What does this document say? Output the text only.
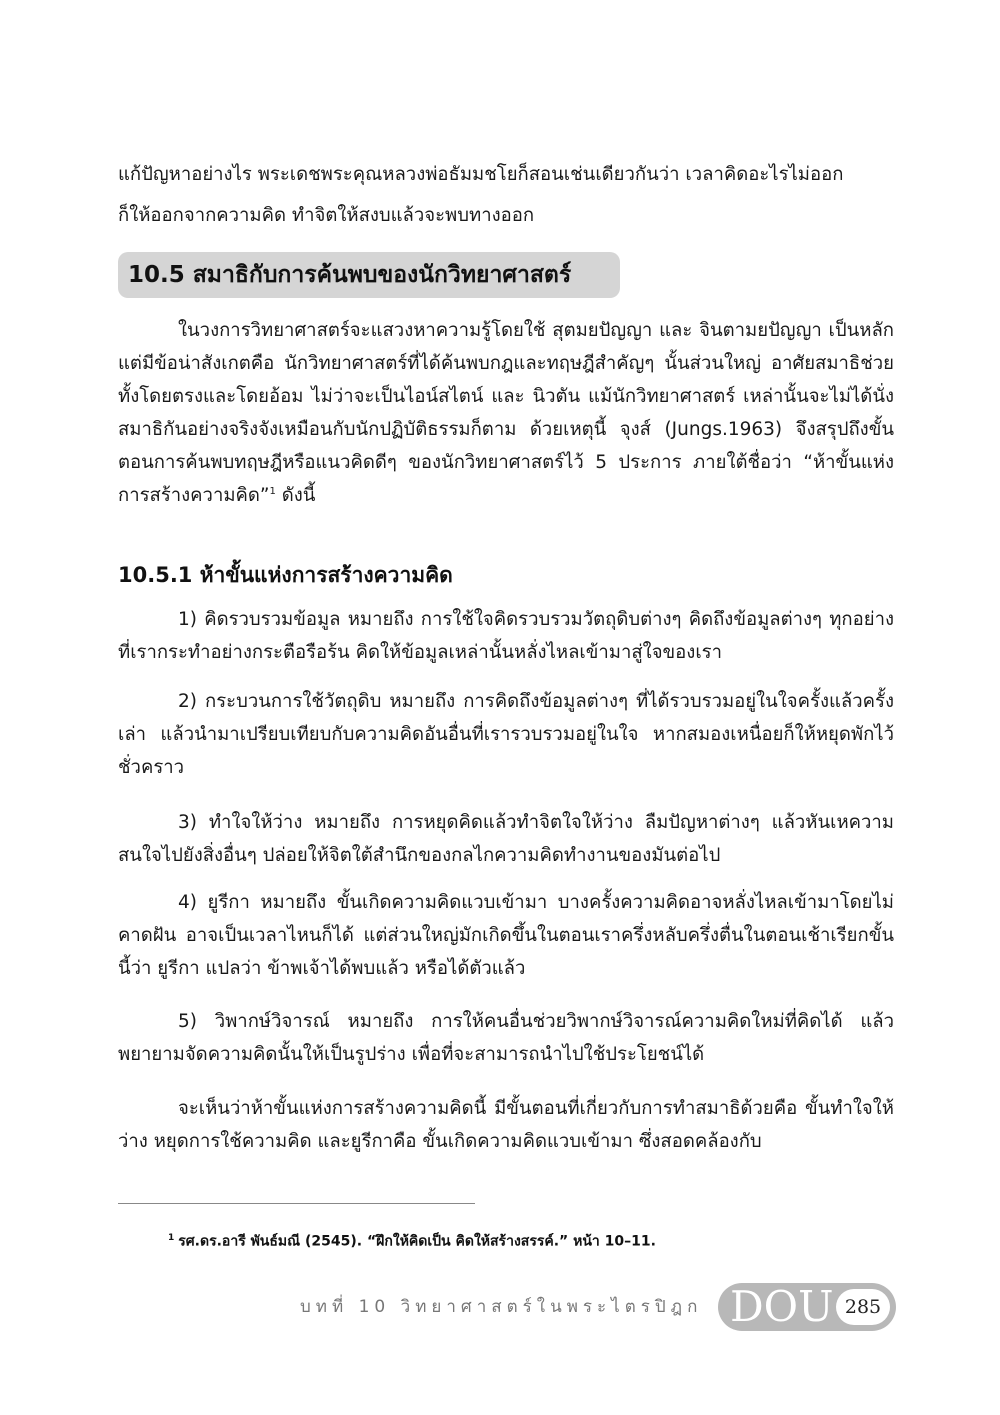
แก้ปัญหาอย่างไร พระเดชพระคุณหลวงพ่อธัมมชโยก็สอนเช่นเดียวกันว่า เวลาคิดอะไรไม่ออก

ก็ให้ออกจากความคิด ทำจิตให้สงบแล้วจะพบทางออก

10.5 สมาธิกับการค้นพบของนักวิทยาศาสตร์

ในวงการวิทยาศาสตร์จะแสวงหาความรู้โดยใช้ สุตมยปัญญา และ จินตามยปัญญา เป็นหลัก แต่มีข้อน่าสังเกตคือ นักวิทยาศาสตร์ที่ได้ค้นพบกฎและทฤษฎีสำคัญๆ นั้นส่วนใหญ่ อาศัยสมาธิช่วยทั้งโดยตรงและโดยอ้อม ไม่ว่าจะเป็นไอน์สไตน์ และ นิวตัน แม้นักวิทยาศาสตร์ เหล่านั้นจะไม่ได้นั่งสมาธิกันอย่างจริงจังเหมือนกับนักปฏิบัติธรรมก็ตาม ด้วยเหตุนี้ จุงส์ (Jungs.1963) จึงสรุปถึงขั้นตอนการค้นพบทฤษฎีหรือแนวคิดดีๆ ของนักวิทยาศาสตร์ไว้ 5 ประการ ภายใต้ชื่อว่า “ห้าขั้นแห่งการสร้างความคิด”$^1$ ดังนี้

10.5.1 ห้าขั้นแห่งการสร้างความคิด

1) คิดรวบรวมข้อมูล หมายถึง การใช้ใจคิดรวบรวมวัตถุดิบต่างๆ คิดถึงข้อมูลต่างๆ ทุกอย่างที่เรากระทำอย่างกระตือรือร้น คิดให้ข้อมูลเหล่านั้นหลั่งไหลเข้ามาสู่ใจของเรา

2) กระบวนการใช้วัตถุดิบ หมายถึง การคิดถึงข้อมูลต่างๆ ที่ได้รวบรวมอยู่ในใจครั้งแล้วครั้งเล่า แล้วนำมาเปรียบเทียบกับความคิดอันอื่นที่เรารวบรวมอยู่ในใจ หากสมองเหนื่อยก็ให้หยุดพักไว้ชั่วคราว

3) ทำใจให้ว่าง หมายถึง การหยุดคิดแล้วทำจิตใจให้ว่าง ลืมปัญหาต่างๆ แล้วหันเหความสนใจไปยังสิ่งอื่นๆ ปล่อยให้จิตใต้สำนึกของกลไกความคิดทำงานของมันต่อไป

4) ยูรีกา หมายถึง ขั้นเกิดความคิดแวบเข้ามา บางครั้งความคิดอาจหลั่งไหลเข้ามาโดยไม่คาดฝัน อาจเป็นเวลาไหนก็ได้ แต่ส่วนใหญ่มักเกิดขึ้นในตอนเราครึ่งหลับครึ่งตื่นในตอนเช้าเรียกขั้นนี้ว่า ยูรีกา แปลว่า ข้าพเจ้าได้พบแล้ว หรือได้ตัวแล้ว

5) วิพากษ์วิจารณ์ หมายถึง การให้คนอื่นช่วยวิพากษ์วิจารณ์ความคิดใหม่ที่คิดได้ แล้วพยายามจัดความคิดนั้นให้เป็นรูปร่าง เพื่อที่จะสามารถนำไปใช้ประโยชน์ได้

จะเห็นว่าห้าขั้นแห่งการสร้างความคิดนี้ มีขั้นตอนที่เกี่ยวกับการทำสมาธิด้วยคือ ขั้นทำใจให้ว่าง หยุดการใช้ความคิด และยูรีกาคือ ขั้นเกิดความคิดแวบเข้ามา ซึ่งสอดคล้องกับ

$^1$ รศ.ดร.อารี พันธ์มณี (2545). “ฝึกให้คิดเป็น คิดให้สร้างสรรค์.” หน้า 10–11.
บทที่ 10 วิทยาศาสตร์ในพระไตรปิฎก DOU 285
